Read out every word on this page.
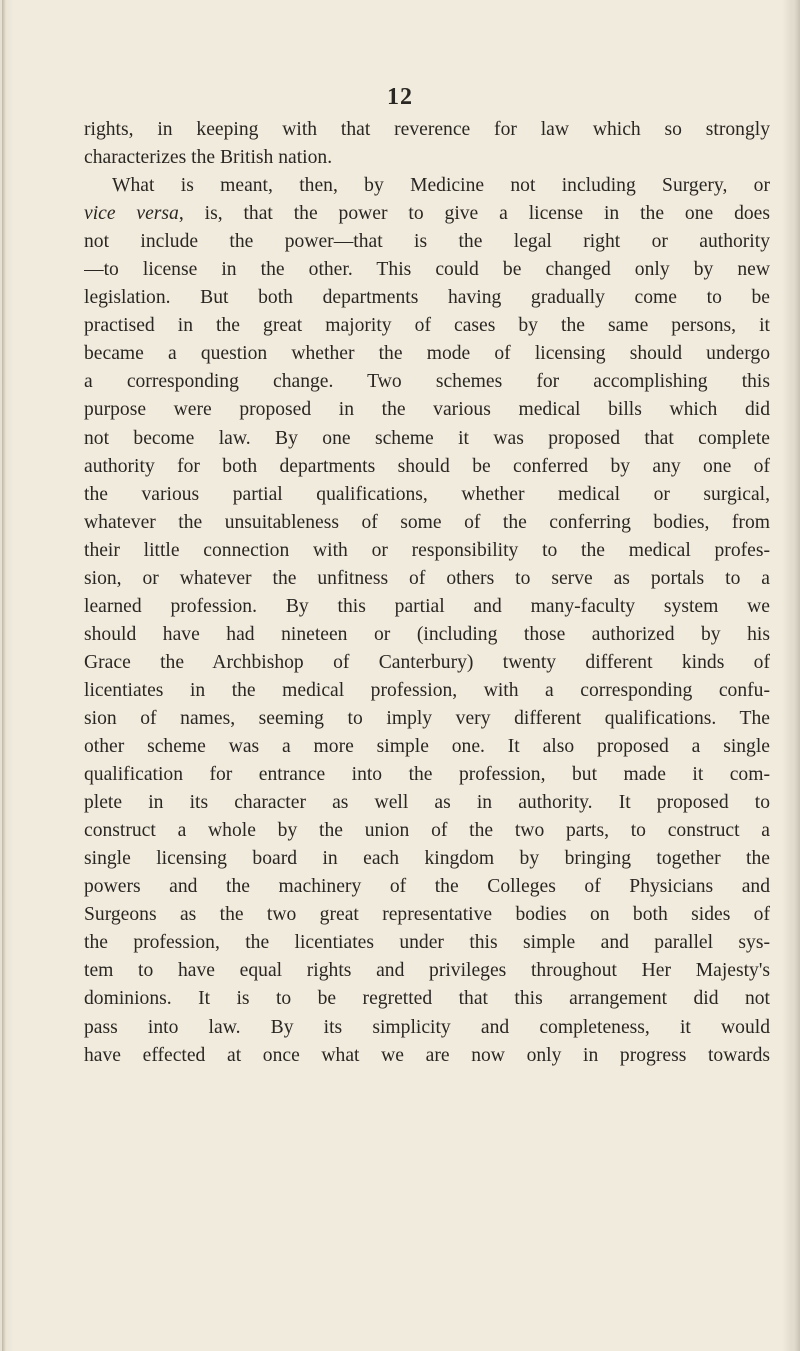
12
rights, in keeping with that reverence for law which so strongly
characterizes the British nation.
What is meant, then, by Medicine not including Surgery, or
vice versa, is, that the power to give a license in the one does
not include the power—that is the legal right or authority
—to license in the other. This could be changed only by new
legislation. But both departments having gradually come to be
practised in the great majority of cases by the same persons, it
became a question whether the mode of licensing should undergo
a corresponding change. Two schemes for accomplishing this
purpose were proposed in the various medical bills which did
not become law. By one scheme it was proposed that complete
authority for both departments should be conferred by any one of
the various partial qualifications, whether medical or surgical,
whatever the unsuitableness of some of the conferring bodies, from
their little connection with or responsibility to the medical profes-
sion, or whatever the unfitness of others to serve as portals to a
learned profession. By this partial and many-faculty system we
should have had nineteen or (including those authorized by his
Grace the Archbishop of Canterbury) twenty different kinds of
licentiates in the medical profession, with a corresponding confu-
sion of names, seeming to imply very different qualifications. The
other scheme was a more simple one. It also proposed a single
qualification for entrance into the profession, but made it com-
plete in its character as well as in authority. It proposed to
construct a whole by the union of the two parts, to construct a
single licensing board in each kingdom by bringing together the
powers and the machinery of the Colleges of Physicians and
Surgeons as the two great representative bodies on both sides of
the profession, the licentiates under this simple and parallel sys-
tem to have equal rights and privileges throughout Her Majesty's
dominions. It is to be regretted that this arrangement did not
pass into law. By its simplicity and completeness, it would
have effected at once what we are now only in progress towards
